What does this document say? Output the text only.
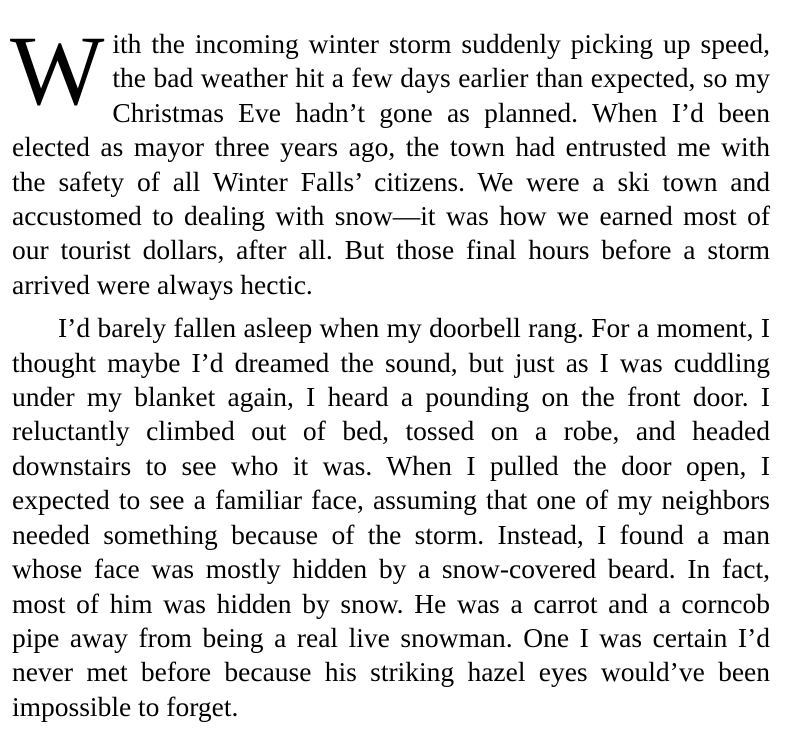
With the incoming winter storm suddenly picking up speed, the bad weather hit a few days earlier than expected, so my Christmas Eve hadn’t gone as planned. When I’d been elected as mayor three years ago, the town had entrusted me with the safety of all Winter Falls’ citizens. We were a ski town and accustomed to dealing with snow—it was how we earned most of our tourist dollars, after all. But those final hours before a storm arrived were always hectic.

I’d barely fallen asleep when my doorbell rang. For a moment, I thought maybe I’d dreamed the sound, but just as I was cuddling under my blanket again, I heard a pounding on the front door. I reluctantly climbed out of bed, tossed on a robe, and headed downstairs to see who it was. When I pulled the door open, I expected to see a familiar face, assuming that one of my neighbors needed something because of the storm. Instead, I found a man whose face was mostly hidden by a snow-covered beard. In fact, most of him was hidden by snow. He was a carrot and a corncob pipe away from being a real live snowman. One I was certain I’d never met before because his striking hazel eyes would’ve been impossible to forget.
